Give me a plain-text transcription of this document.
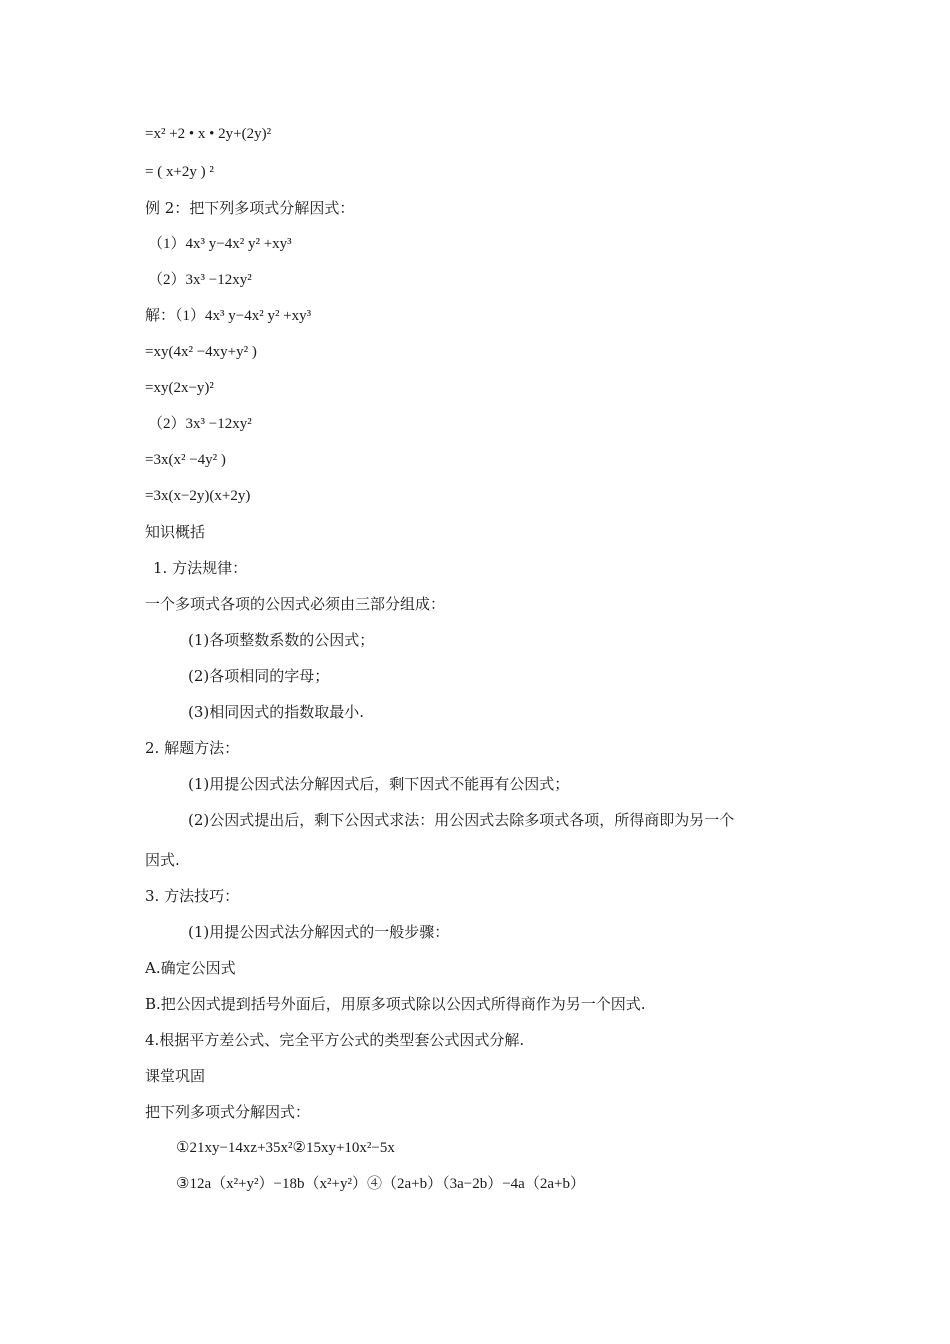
=x² +2 • x • 2y+(2y)²
= ( x+2y ) ²
例 2：把下列多项式分解因式：
（1）4x³ y−4x² y² +xy³
（2）3x³ −12xy²
解：（1）4x³ y−4x² y² +xy³
=xy(4x² −4xy+y² )
=xy(2x−y)²
（2）3x³ −12xy²
=3x(x² −4y² )
=3x(x−2y)(x+2y)
知识概括
1. 方法规律：
一个多项式各项的公因式必须由三部分组成：
(1)各项整数系数的公因式；
(2)各项相同的字母；
(3)相同因式的指数取最小.
2. 解题方法：
(1)用提公因式法分解因式后，剩下因式不能再有公因式；
(2)公因式提出后，剩下公因式求法：用公因式去除多项式各项，所得商即为另一个
因式.
3. 方法技巧：
(1)用提公因式法分解因式的一般步骤：
A.确定公因式
B.把公因式提到括号外面后，用原多项式除以公因式所得商作为另一个因式.
4.根据平方差公式、完全平方公式的类型套公式因式分解.
课堂巩固
把下列多项式分解因式：
①21xy−14xz+35x²②15xy+10x²−5x
③12a（x²+y²）−18b（x²+y²）④（2a+b）（3a−2b）−4a（2a+b）
